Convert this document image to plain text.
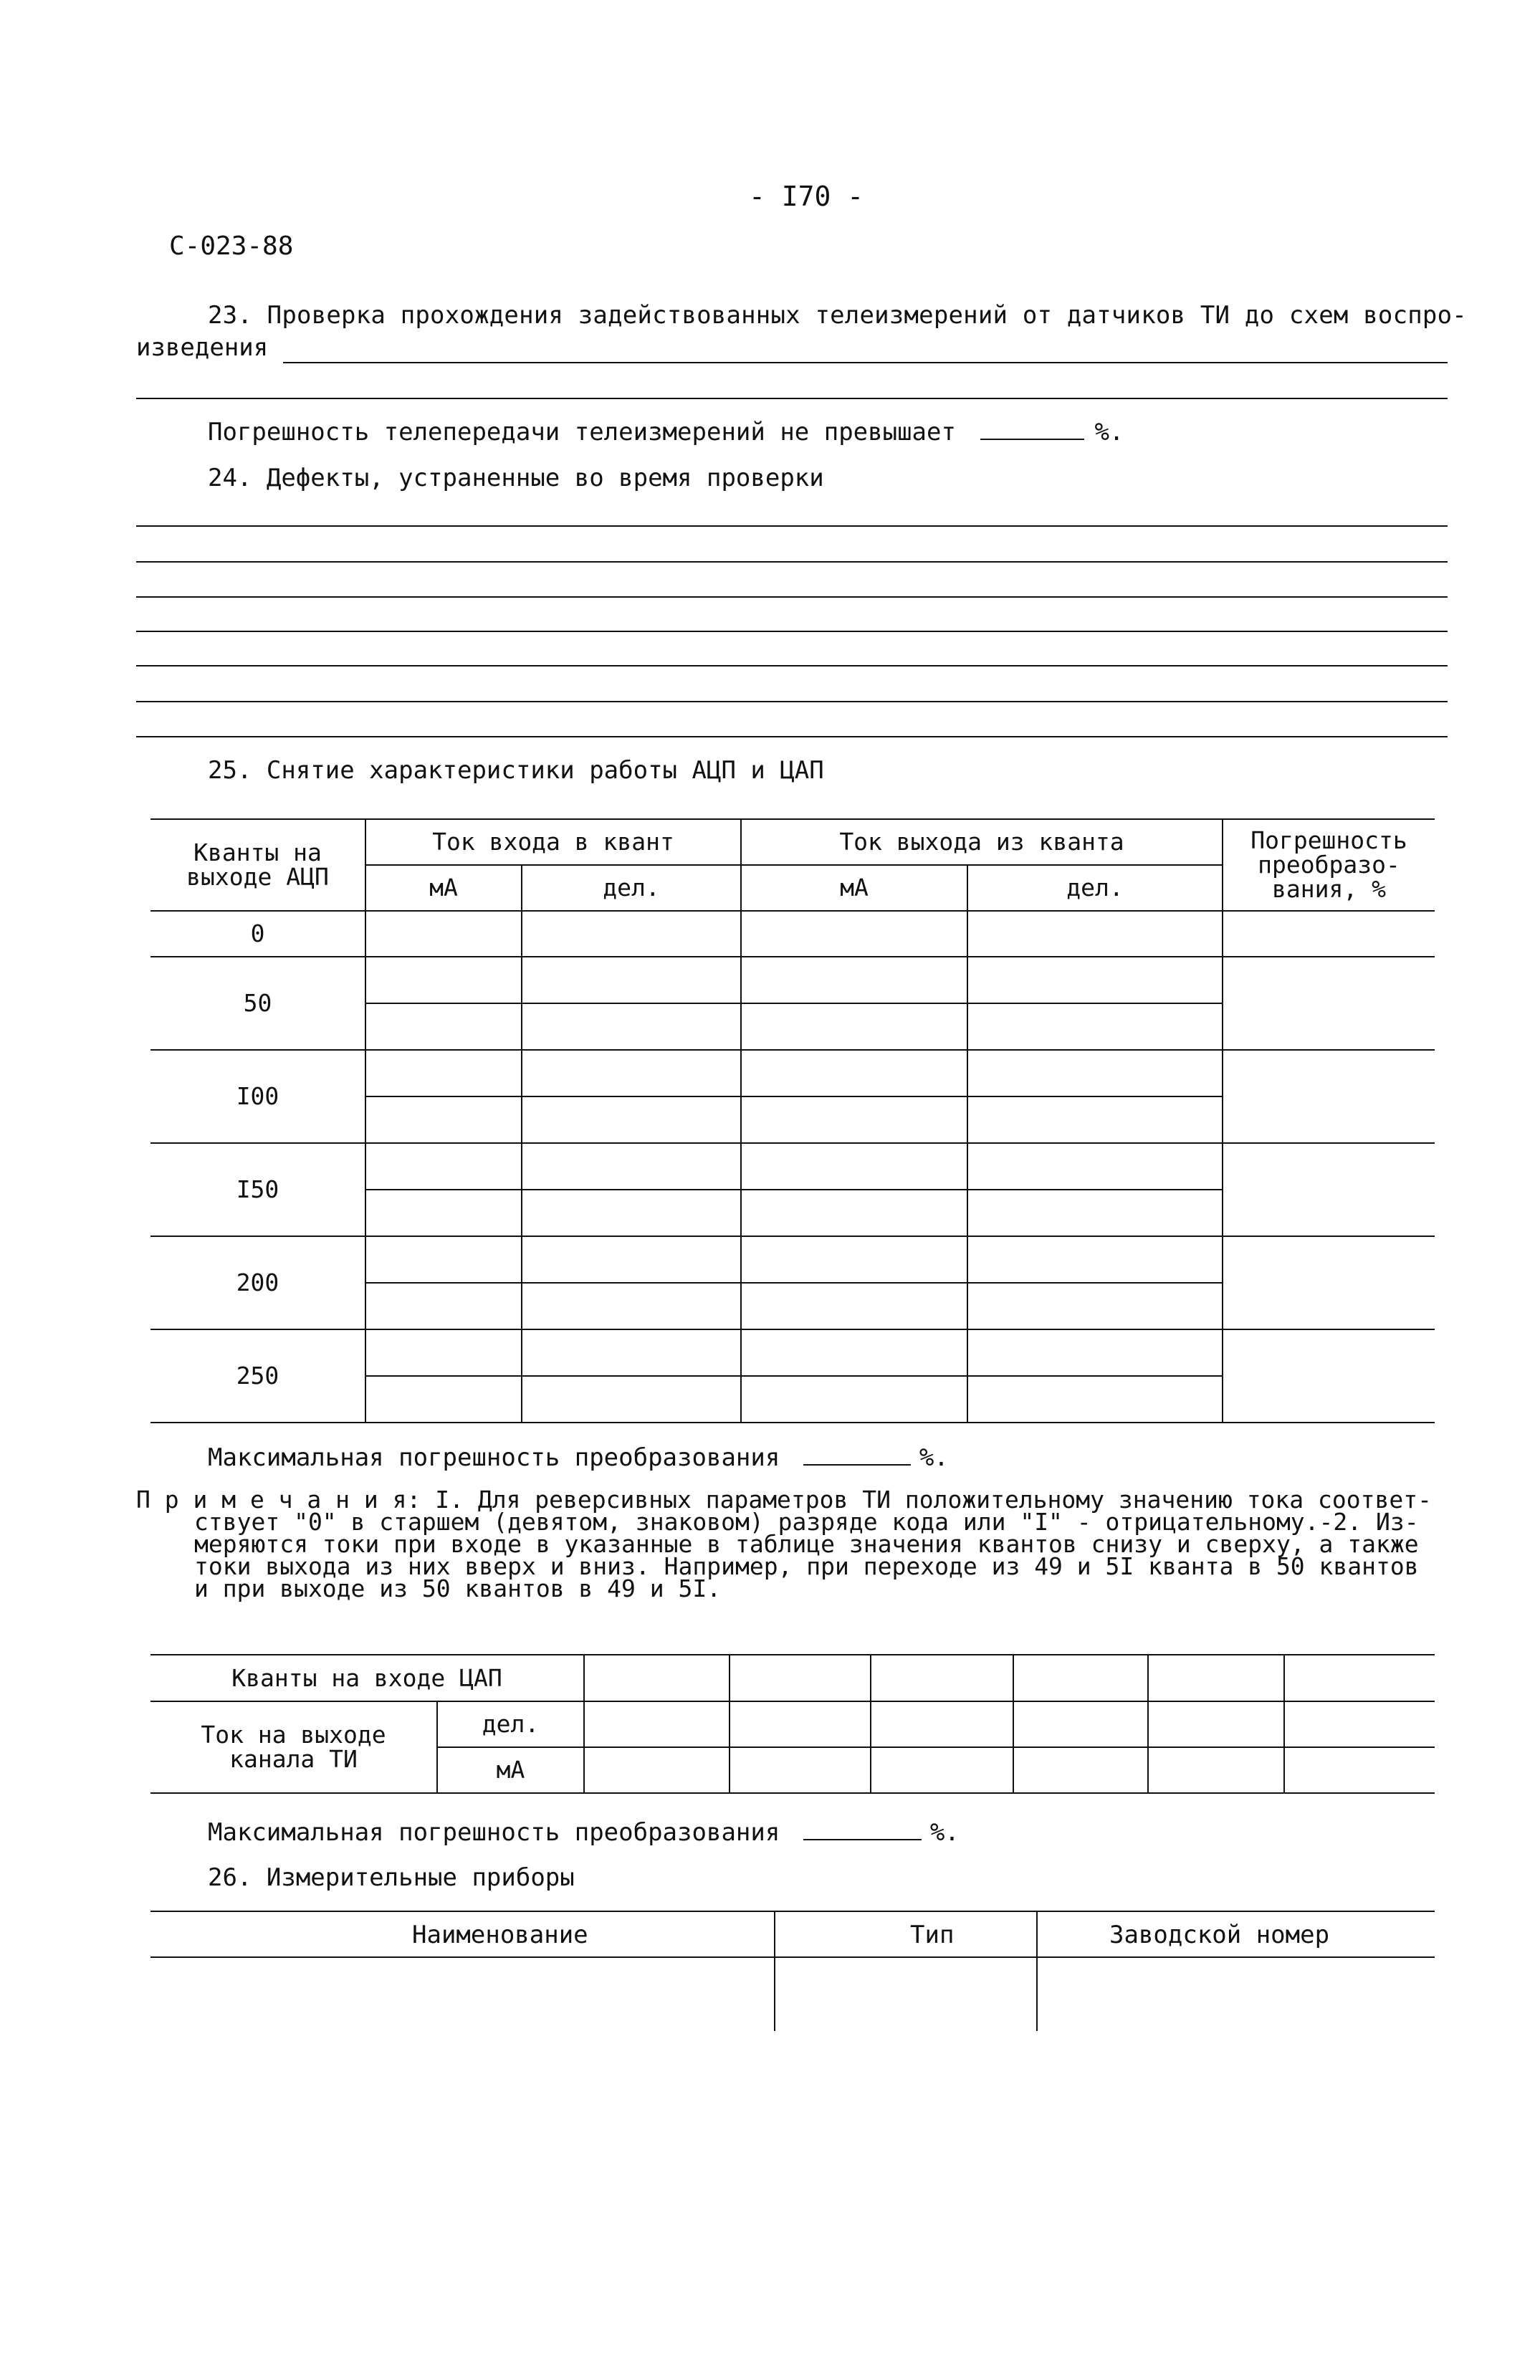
- I70 -
С-023-88
23. Проверка прохождения задействованных телеизмерений от датчиков ТИ до схем воспро-
изведения
Погрешность телепередачи телеизмерений не превышает	%.
24. Дефекты, устраненные во время проверки
25. Снятие характеристики работы АЦП и ЦАП
Кванты на выходе АЦП	Ток входа в квант		Ток выхода из кванта		Погрешность преобразо- вания, %
	мА	дел.	мА	дел.	
0					
50					

I00					

I50					

200					

250					

Максимальная погрешность преобразования	%.
П р и м е ч а н и я: I. Для реверсивных параметров ТИ положительному значению тока соответ-
ствует "0" в старшем (девятом, знаковом) разряде кода или "I" - отрицательному.-2. Из-
меряются токи при входе в указанные в таблице значения квантов снизу и сверху, а также
токи выхода из них вверх и вниз. Например, при переходе из 49 и 5I кванта в 50 квантов
и при выходе из 50 квантов в 49 и 5I.
Кванты на входе ЦАП							
Ток на выходе канала ТИ	дел.						
	мА						
Максимальная погрешность преобразования	%.
26. Измерительные приборы
Наименование	Тип	Заводской номер
